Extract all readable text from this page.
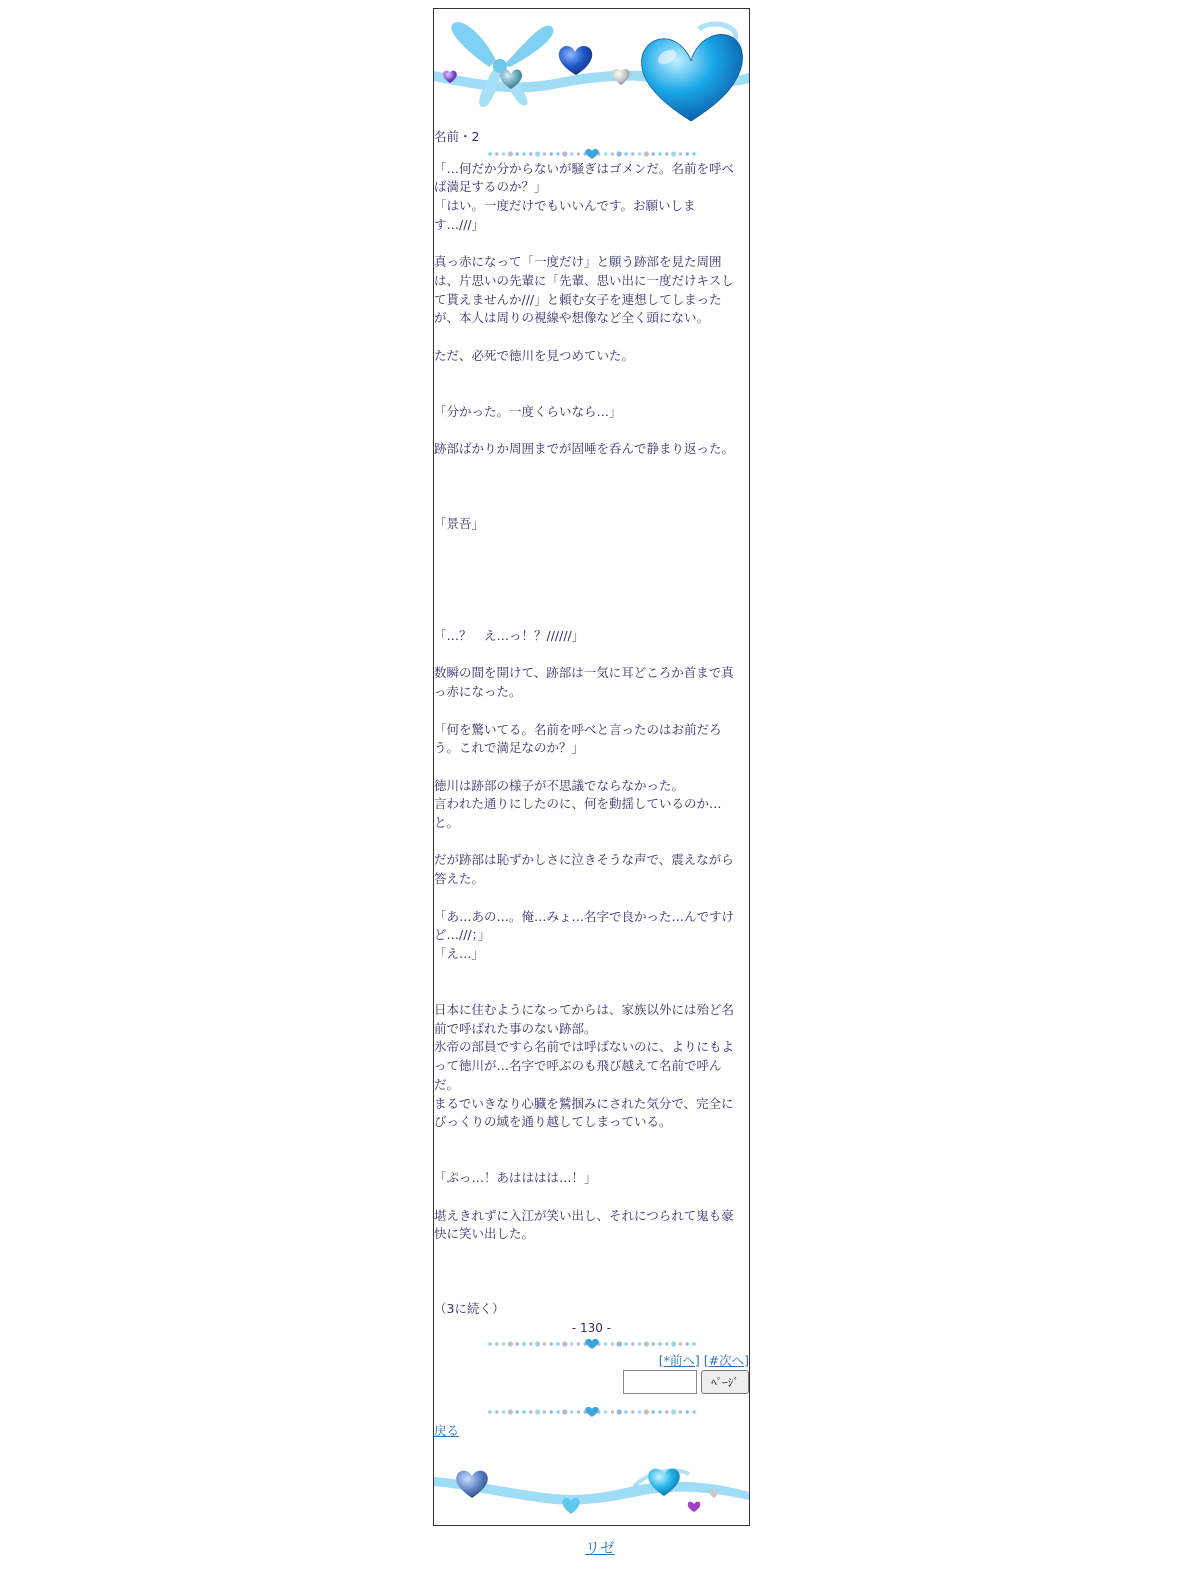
名前・2

「…何だか分からないが騒ぎはゴメンだ。名前を呼べ
ば満足するのか？」
「はい。一度だけでもいいんです。お願いしま
す…///」
真っ赤になって「一度だけ」と願う跡部を見た周囲
は、片思いの先輩に「先輩、思い出に一度だけキスし
て貰えませんか///」と頼む女子を連想してしまった
が、本人は周りの視線や想像など全く頭にない。
ただ、必死で徳川を見つめていた。
「分かった。一度くらいなら…」
跡部ばかりか周囲までが固唾を呑んで静まり返った。
「景吾」
「…？　え…っ！？//////」
数瞬の間を開けて、跡部は一気に耳どころか首まで真
っ赤になった。
「何を驚いてる。名前を呼べと言ったのはお前だろ
う。これで満足なのか？」
徳川は跡部の様子が不思議でならなかった。
言われた通りにしたのに、何を動揺しているのか…
と。
だが跡部は恥ずかしさに泣きそうな声で、震えながら
答えた。
「あ…あの…。俺…みょ…名字で良かった…んですけ
ど…///；」
「え…」
日本に住むようになってからは、家族以外には殆ど名
前で呼ばれた事のない跡部。
氷帝の部員ですら名前では呼ばないのに、よりにもよ
って徳川が…名字で呼ぶのも飛び越えて名前で呼ん
だ。
まるでいきなり心臓を鷲掴みにされた気分で、完全に
びっくりの域を通り越してしまっている。
「ぷっ…！あはははは…！」
堪えきれずに入江が笑い出し、それにつられて鬼も豪
快に笑い出した。
（3に続く）

- 130 -

[*前へ] [#次へ]
ﾍﾟｰｼﾞ
戻る
リゼ
